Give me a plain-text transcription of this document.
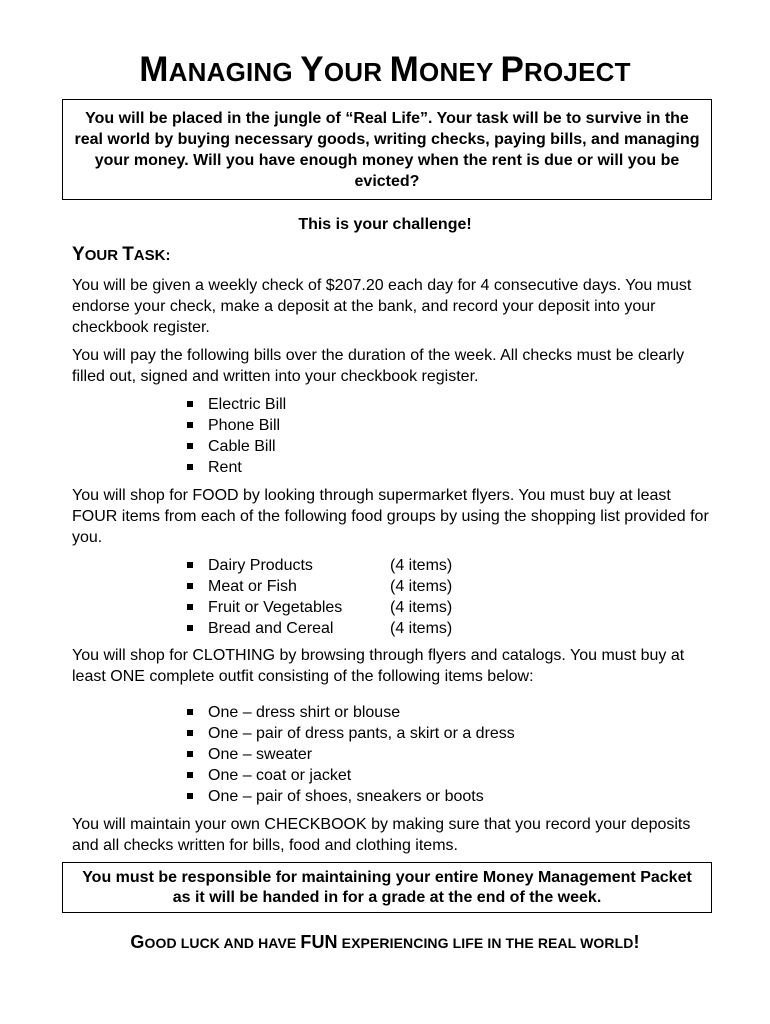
MANAGING YOUR MONEY PROJECT

You will be placed in the jungle of “Real Life”. Your task will be to survive in the real world by buying necessary goods, writing checks, paying bills, and managing your money. Will you have enough money when the rent is due or will you be evicted?

This is your challenge!
YOUR TASK:

You will be given a weekly check of $207.20 each day for 4 consecutive days. You must endorse your check, make a deposit at the bank, and record your deposit into your checkbook register.

You will pay the following bills over the duration of the week. All checks must be clearly filled out, signed and written into your checkbook register.

Electric Bill
Phone Bill
Cable Bill
Rent

You will shop for FOOD by looking through supermarket flyers. You must buy at least FOUR items from each of the following food groups by using the shopping list provided for you.

Dairy Products	(4 items)
Meat or Fish	(4 items)
Fruit or Vegetables	(4 items)
Bread and Cereal	(4 items)

You will shop for CLOTHING by browsing through flyers and catalogs. You must buy at least ONE complete outfit consisting of the following items below:

One – dress shirt or blouse
One – pair of dress pants, a skirt or a dress
One – sweater
One – coat or jacket
One – pair of shoes, sneakers or boots

You will maintain your own CHECKBOOK by making sure that you record your deposits and all checks written for bills, food and clothing items.

You must be responsible for maintaining your entire Money Management Packet as it will be handed in for a grade at the end of the week.

GOOD LUCK AND HAVE FUN EXPERIENCING LIFE IN THE REAL WORLD!
